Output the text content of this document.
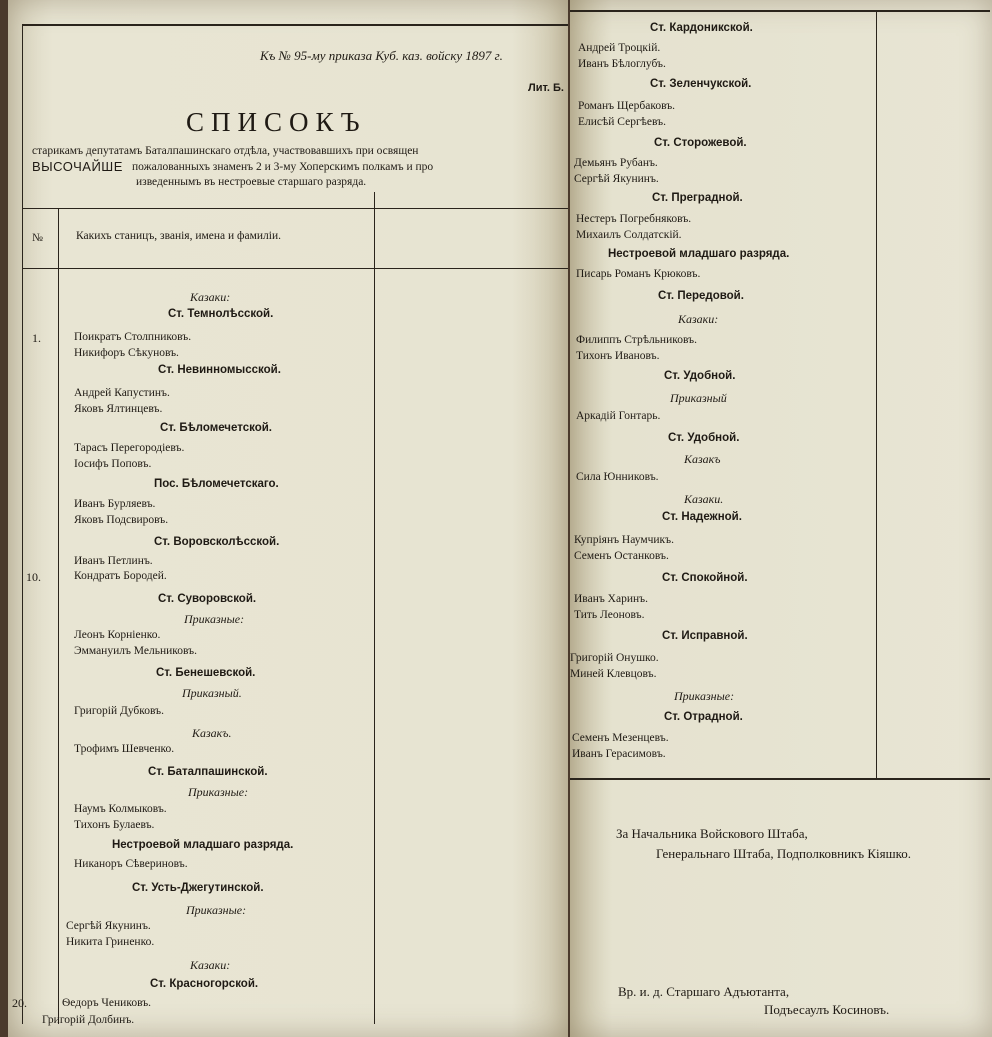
Къ № 95-му приказа Куб. каз. войску 1897 г.
Лит. Б.
СПИСОКЪ
старикамъ депутатамъ Баталпашинскаго отдѣла, участвовавшихъ при освящен
ВЫСОЧАЙШЕ пожалованныхъ знаменъ 2 и 3-му Хоперскимъ полкамъ и про
изведеннымъ въ нестроевые старшаго разряда.
№	Какихъ станицъ, званія, имена и фамиліи.
Казаки:
Ст. Темнолѣсской.
1.	Поикратъ Столпниковъ.
Никифоръ Сѣкуновъ.
Ст. Невинномысской.
Андрей Капустинъ.
Яковъ Ялтинцевъ.
Ст. Бѣломечетской.
Тарасъ Перегородіевъ.
Іосифъ Поповъ.
Пос. Бѣломечетскаго.
Иванъ Бурляевъ.
Яковъ Подсвировъ.
Ст. Воровсколѣсской.
Иванъ Петлинъ.
10.	Кондратъ Бородей.
Ст. Суворовской.
Приказные:
Леонъ Корніенко.
Эммануилъ Мельниковъ.
Ст. Бенешевской.
Приказный.
Григорій Дубковъ.
Казакъ.
Трофимъ Шевченко.
Ст. Баталпашинской.
Приказные:
Наумъ Колмыковъ.
Тихонъ Булаевъ.
Нестроевой младшаго разряда.
Никаноръ Сѣвериновъ.
Ст. Усть-Джегутинской.
Приказные:
Сергѣй Якунинъ.
Никита Гриненко.
Казаки:
Ст. Красногорской.
20.	Ѳедоръ Чениковъ.
Григорій Долбинъ.
Ст. Кардоникской.
Андрей Троцкій.
Иванъ Бѣлоглубъ.
Ст. Зеленчукской.
Романъ Щербаковъ.
Елисѣй Сергѣевъ.
Ст. Сторожевой.
Демьянъ Рубанъ.
Сергѣй Якунинъ.
Ст. Преградной.
Нестеръ Погребняковъ.
Михаилъ Солдатскій.
Нестроевой младшаго разряда.
Писарь Романъ Крюковъ.
Ст. Передовой.
Казаки:
Филиппъ Стрѣльниковъ.
Тихонъ Ивановъ.
Ст. Удобной.
Приказный
Аркадій Гонтарь.
Ст. Удобной.
Казакъ
Сила Юнниковъ.
Казаки.
Ст. Надежной.
Купріянъ Наумчикъ.
Семенъ Останковъ.
Ст. Спокойной.
Иванъ Харинъ.
Тить Леоновъ.
Ст. Исправной.
Григорій Онушко.
Миней Клевцовъ.
Приказные:
Ст. Отрадной.
Семенъ Мезенцевъ.
Иванъ Герасимовъ.
За Начальника Войскового Штаба,
Генеральнаго Штаба, Подполковникъ Кіяшко.
Вр. и. д. Старшаго Адъютанта,
Подъесаулъ Косиновъ.
